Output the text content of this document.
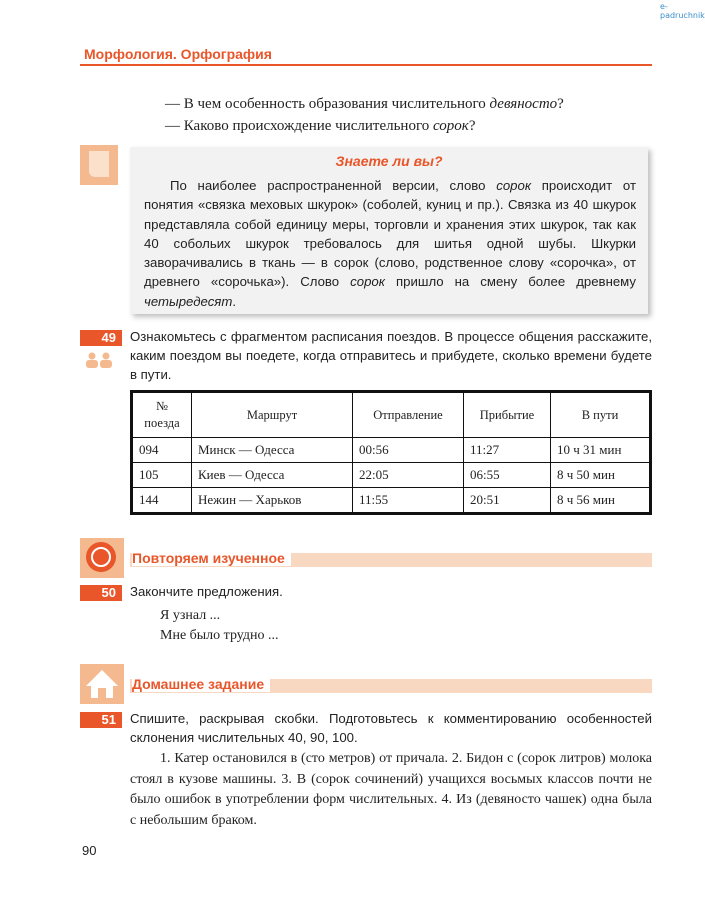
e-padruchnik
Морфология. Орфография
— В чем особенность образования числительного девяносто?
— Каково происхождение числительного сорок?
Знаете ли вы?
По наиболее распространенной версии, слово сорок происходит от понятия «связка меховых шкурок» (соболей, куниц и пр.). Связка из 40 шкурок представляла собой единицу меры, торговли и хранения этих шкурок, так как 40 собольих шкурок требовалось для шитья одной шубы. Шкурки заворачивались в ткань — в сорок (слово, родственное слову «сорочка», от древнего «сорочька»). Слово сорок пришло на смену более древнему четыредесят.
49	Ознакомьтесь с фрагментом расписания поездов. В процессе общения расскажите, каким поездом вы поедете, когда отправитесь и прибудете, сколько времени будете в пути.
№ поезда	Маршрут	Отправление	Прибытие	В пути
094	Минск — Одесса	00:56	11:27	10 ч 31 мин
105	Киев — Одесса	22:05	06:55	8 ч 50 мин
144	Нежин — Харьков	11:55	20:51	8 ч 56 мин
Повторяем изученное
50	Закончите предложения.
Я узнал ...
Мне было трудно ...
Домашнее задание
51	Спишите, раскрывая скобки. Подготовьтесь к комментированию особенностей склонения числительных 40, 90, 100.
1. Катер остановился в (сто метров) от причала. 2. Бидон с (сорок литров) молока стоял в кузове машины. 3. В (сорок сочинений) учащихся восьмых классов почти не было ошибок в употреблении форм числительных. 4. Из (девяносто чашек) одна была с небольшим браком.
90
